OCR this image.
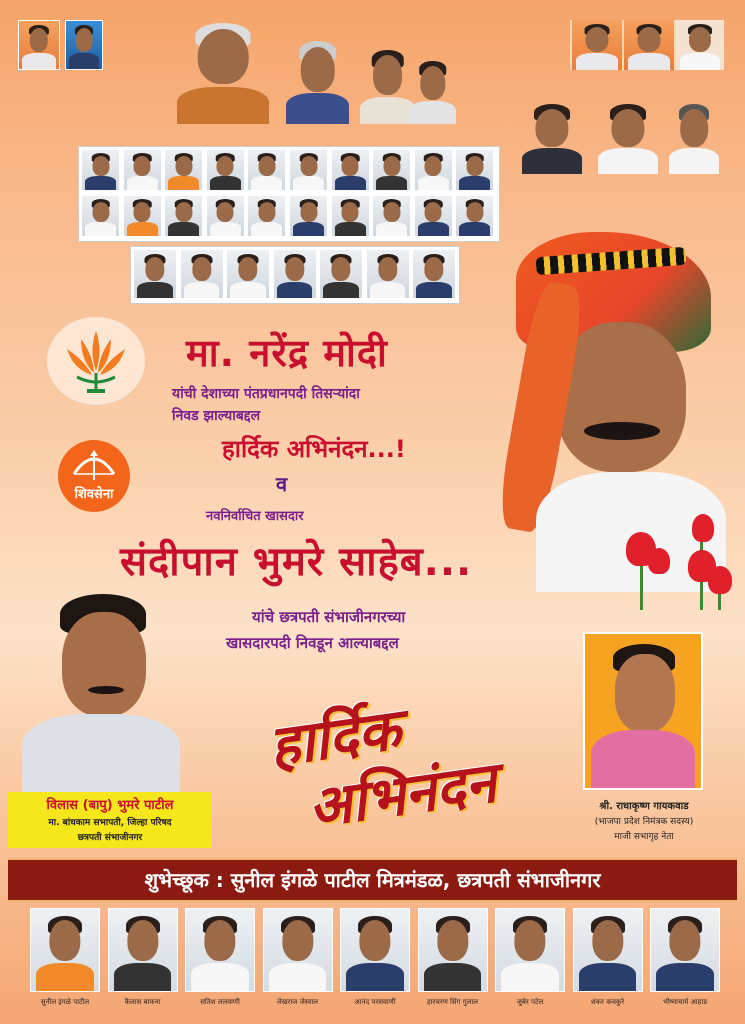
शिवसेना
मा. नरेंद्र मोदी
यांची देशाच्या पंतप्रधानपदी तिसऱ्यांदा
निवड झाल्याबद्दल
हार्दिक अभिनंदन...!
व
नवनिर्वाचित खासदार
संदीपान भुमरे साहेब...
यांचे छत्रपती संभाजीनगरच्या
खासदारपदी निवडून आल्याबद्दल
विलास (बापु) भुमरे पाटील
मा. बांधकाम सभापती, जिल्हा परिषद
छत्रपती संभाजीनगर
हार्दिक
अभिनंदन	श्री. राधाकृष्ण गायकवाड
(भाजपा प्रदेश निमंत्रक सदस्य)
माजी सभागृह नेता
शुभेच्छूक : सुनील इंगळे पाटील मित्रमंडळ, छत्रपती संभाजीनगर
सुनील इंगळे पाटील	कैलास बाफना	सतिश ललवाणी	लेखराज जेस्वाल	आनंद परसवाणी	हारचरण सिंग गुलाल	जुबेर पटेल	शंकर कचकुरे	भीष्माचार्य आहाड
